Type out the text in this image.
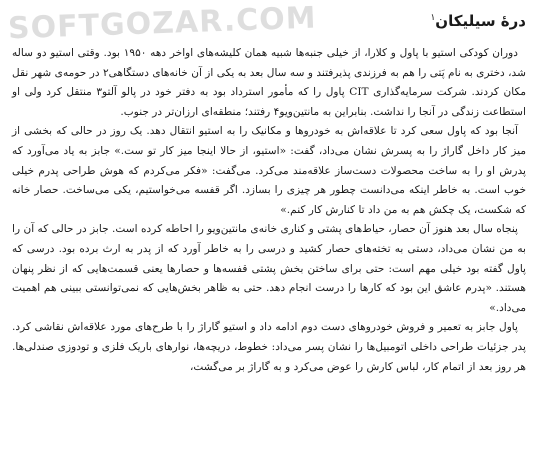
SOFTGOZAR.COM	درهٔ سیلیکان$^۱$

دوران کودکی استیو با پاول و کلارا، از خیلی جنبه‌ها شبیه همان کلیشه‌های اواخر دهه ۱۹۵۰ بود. وقتی استیو دو ساله شد، دختری به نام پَتی را هم به فرزندی پذیرفتند و سه سال بعد به یکی از آن خانه‌های دستگاهی۲ در حومه‌ی شهر نقل مکان کردند. شرکت سرمایه‌گذاری CIT پاول را که مأمور استرداد بود به دفتر خود در پالو آلتو۳ منتقل کرد ولی او استطاعت زندگی در آنجا را نداشت. بنابراین به مانتین‌ویو۴ رفتند؛ منطقه‌ای ارزان‌تر در جنوب.

آنجا بود که پاول سعی کرد تا علاقه‌اش به خودروها و مکانیک را به استیو انتقال دهد. یک روز در حالی که بخشی از میز کار داخل گاراژ را به پسرش نشان می‌داد، گفت: «استیو، از حالا اینجا میز کار تو ست.» جابز به یاد می‌آورد که پدرش او را به ساخت محصولات دست‌ساز علاقه‌مند می‌کرد. می‌گفت: «فکر می‌کردم که هوش طراحی پدرم خیلی خوب است. به خاطر اینکه می‌دانست چطور هر چیزی را بسازد. اگر قفسه می‌خواستیم، یکی می‌ساخت. حصار خانه که شکست، یک چکش هم به من داد تا کنارش کار کنم.»

پنجاه سال بعد هنوز آن حصار، حیاط‌های پشتی و کناری خانه‌ی مانتین‌ویو را احاطه کرده است. جابز در حالی که آن را به من نشان می‌داد، دستی به تخته‌های حصار کشید و درسی را به خاطر آورد که از پدر به ارث برده بود. درسی که پاول گفته بود خیلی مهم است: حتی برای ساختن بخش پشتی قفسه‌ها و حصارها یعنی قسمت‌هایی که از نظر پنهان هستند. «پدرم عاشق این بود که کارها را درست انجام دهد. حتی به ظاهر بخش‌هایی که نمی‌توانستی ببینی هم اهمیت می‌داد.»

پاول جابز به تعمیر و فروش خودروهای دست دوم ادامه داد و استیو گاراژ را با طرح‌های مورد علاقه‌اش نقاشی کرد. پدر جزئیات طراحی داخلی اتومبیل‌ها را نشان پسر می‌داد: خطوط، دریچه‌ها، نوارهای باریک فلزی و تودوزی صندلی‌ها. هر روز بعد از اتمام کار، لباس کارش را عوض می‌کرد و به گاراژ بر می‌گشت،
